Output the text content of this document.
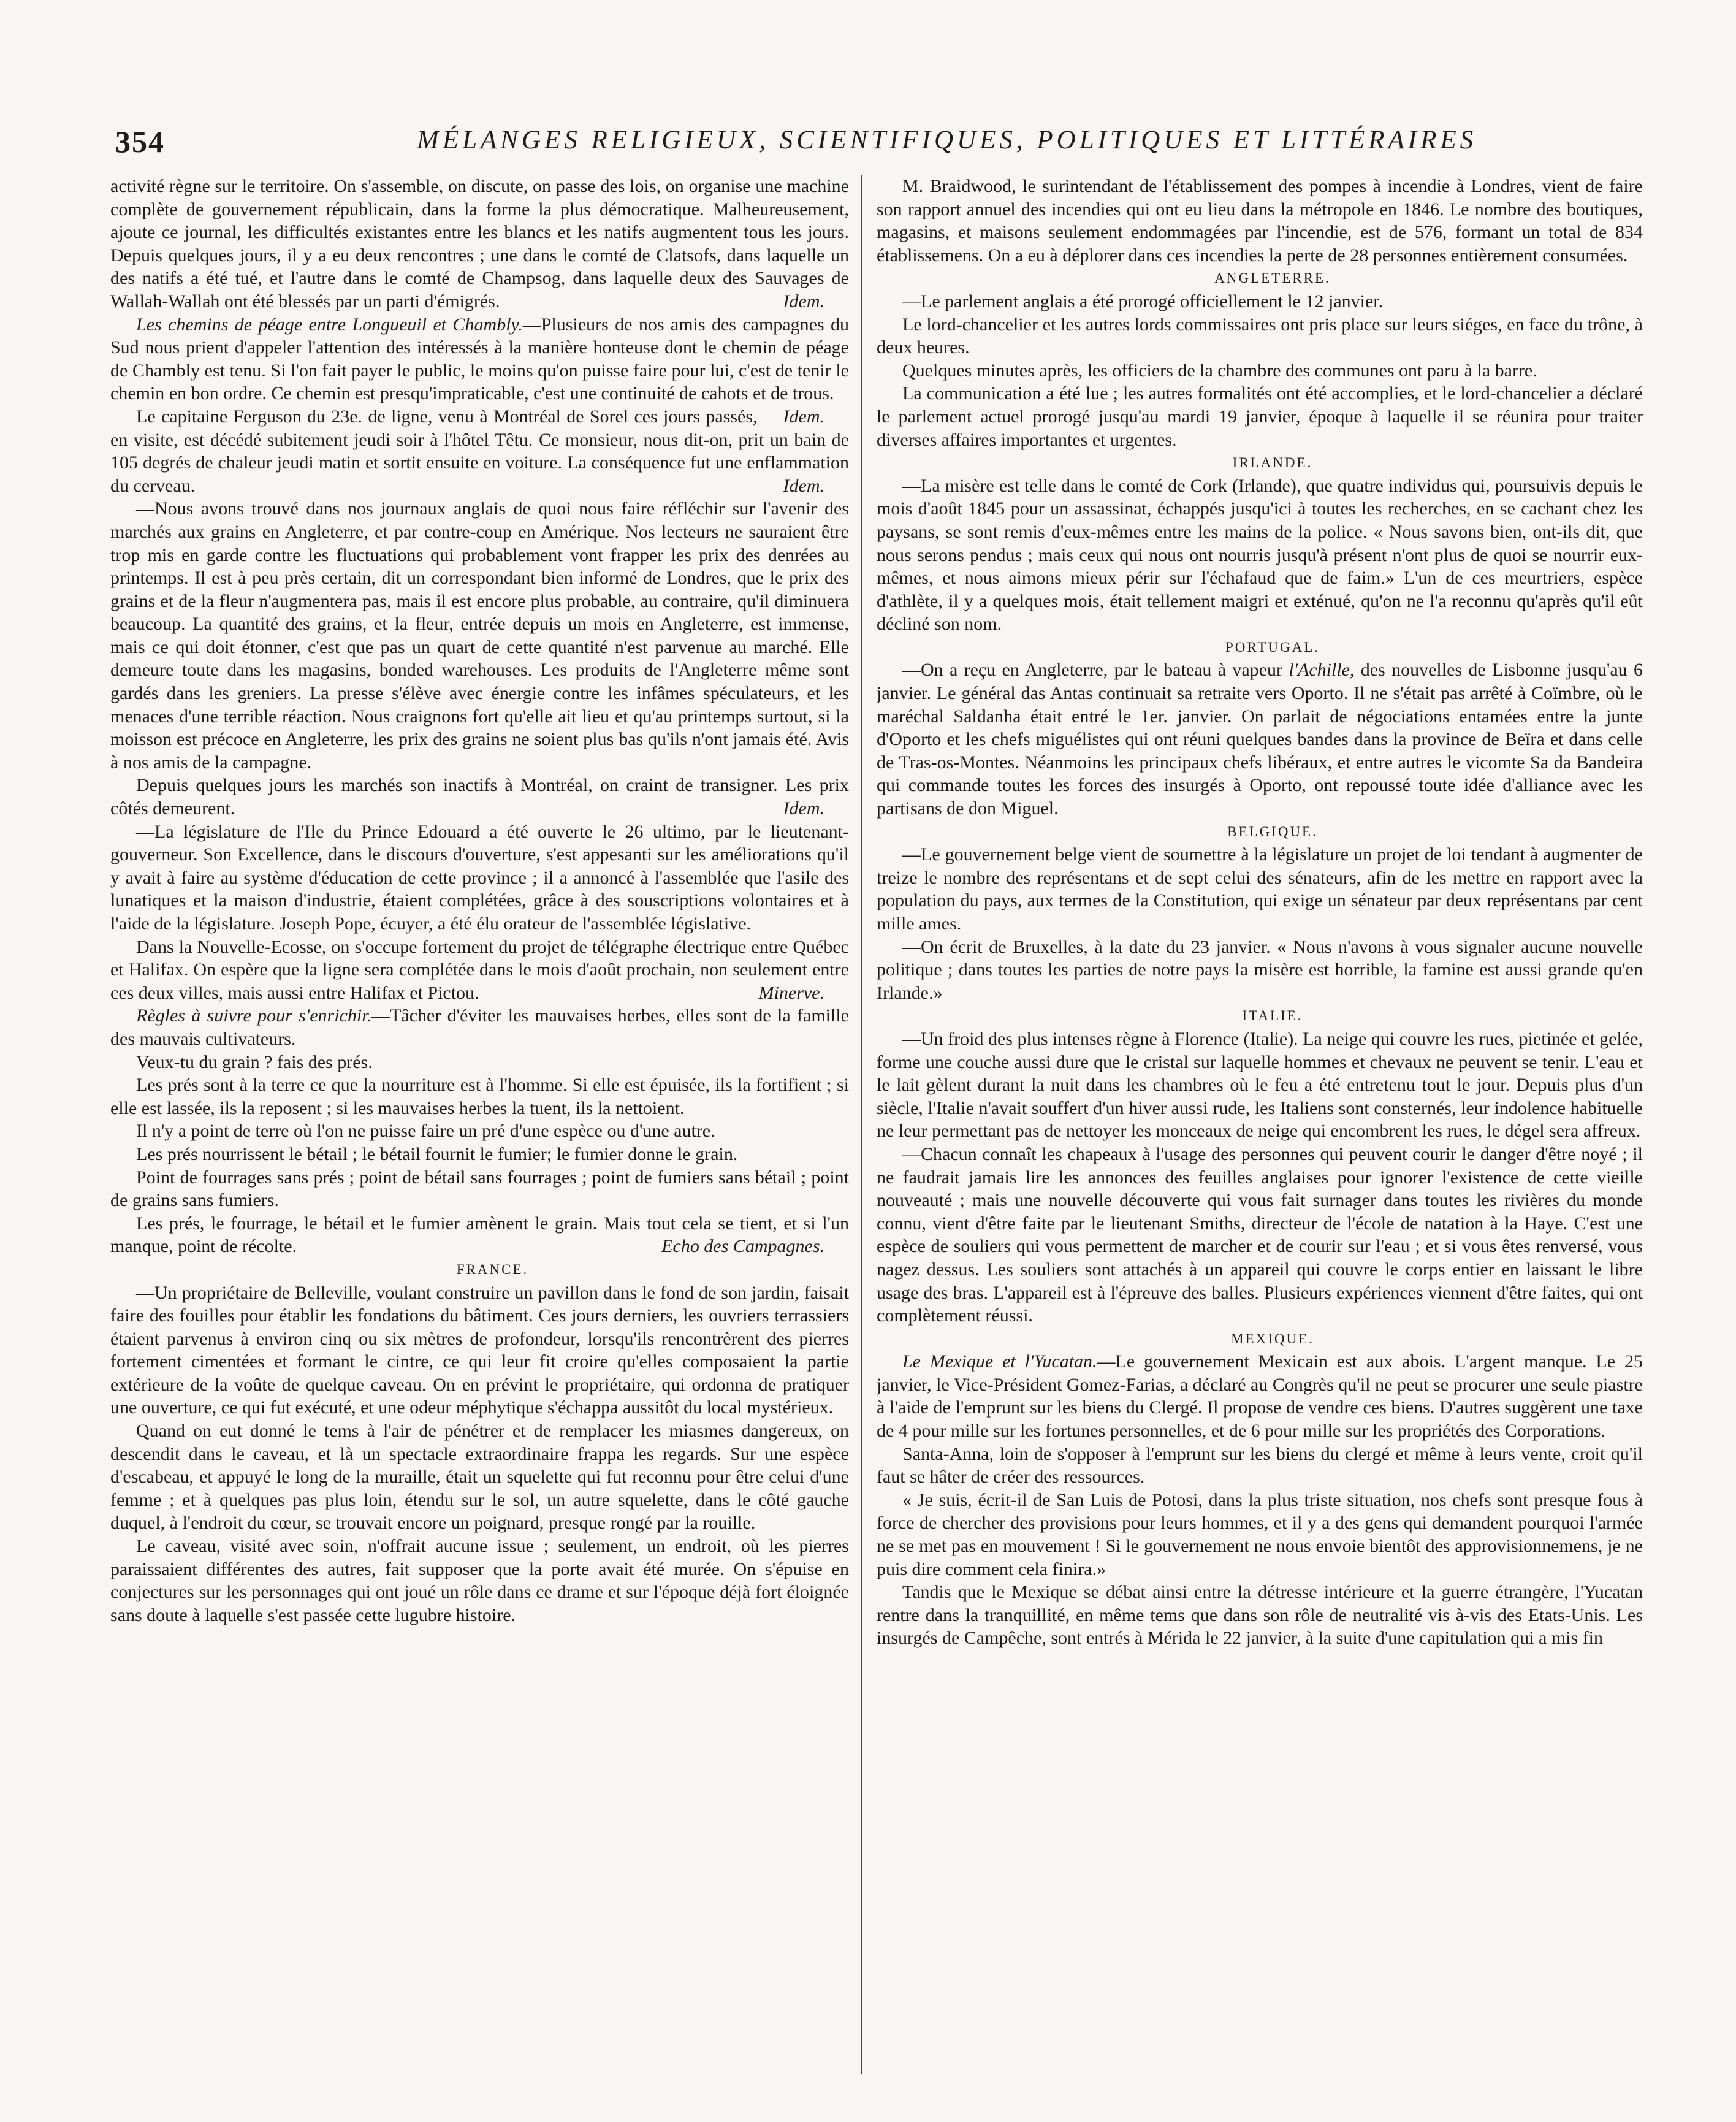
354	MÉLANGES RELIGIEUX, SCIENTIFIQUES, POLITIQUES ET LITTÉRAIRES

activité règne sur le territoire. On s'assemble, on discute, on passe des lois, on organise une machine complète de gouvernement républicain, dans la forme la plus démocratique. Malheureusement, ajoute ce journal, les difficultés existantes entre les blancs et les natifs augmentent tous les jours. Depuis quelques jours, il y a eu deux rencontres ; une dans le comté de Clatsofs, dans laquelle un des natifs a été tué, et l'autre dans le comté de Champsog, dans laquelle deux des Sauvages de Wallah-Wallah ont été blessés par un parti d'émigrés.	Idem.

Les chemins de péage entre Longueuil et Chambly.—Plusieurs de nos amis des campagnes du Sud nous prient d'appeler l'attention des intéressés à la manière honteuse dont le chemin de péage de Chambly est tenu. Si l'on fait payer le public, le moins qu'on puisse faire pour lui, c'est de tenir le chemin en bon ordre. Ce chemin est presqu'impraticable, c'est une continuité de cahots et de trous.
Idem.

Le capitaine Ferguson du 23e. de ligne, venu à Montréal de Sorel ces jours passés, en visite, est décédé subitement jeudi soir à l'hôtel Têtu. Ce monsieur, nous dit-on, prit un bain de 105 degrés de chaleur jeudi matin et sortit ensuite en voiture. La conséquence fut une enflammation du cerveau.	Idem.

—Nous avons trouvé dans nos journaux anglais de quoi nous faire réfléchir sur l'avenir des marchés aux grains en Angleterre, et par contre-coup en Amérique. Nos lecteurs ne sauraient être trop mis en garde contre les fluctuations qui probablement vont frapper les prix des denrées au printemps. Il est à peu près certain, dit un correspondant bien informé de Londres, que le prix des grains et de la fleur n'augmentera pas, mais il est encore plus probable, au contraire, qu'il diminuera beaucoup. La quantité des grains, et la fleur, entrée depuis un mois en Angleterre, est immense, mais ce qui doit étonner, c'est que pas un quart de cette quantité n'est parvenue au marché. Elle demeure toute dans les magasins, bonded warehouses. Les produits de l'Angleterre même sont gardés dans les greniers. La presse s'élève avec énergie contre les infâmes spéculateurs, et les menaces d'une terrible réaction. Nous craignons fort qu'elle ait lieu et qu'au printemps surtout, si la moisson est précoce en Angleterre, les prix des grains ne soient plus bas qu'ils n'ont jamais été. Avis à nos amis de la campagne.

Depuis quelques jours les marchés son inactifs à Montréal, on craint de transigner. Les prix côtés demeurent.	Idem.

—La législature de l'Ile du Prince Edouard a été ouverte le 26 ultimo, par le lieutenant-gouverneur. Son Excellence, dans le discours d'ouverture, s'est appesanti sur les améliorations qu'il y avait à faire au système d'éducation de cette province ; il a annoncé à l'assemblée que l'asile des lunatiques et la maison d'industrie, étaient complétées, grâce à des souscriptions volontaires et à l'aide de la législature. Joseph Pope, écuyer, a été élu orateur de l'assemblée législative.

Dans la Nouvelle-Ecosse, on s'occupe fortement du projet de télégraphe électrique entre Québec et Halifax. On espère que la ligne sera complétée dans le mois d'août prochain, non seulement entre ces deux villes, mais aussi entre Halifax et Pictou.	Minerve.

Règles à suivre pour s'enrichir.—Tâcher d'éviter les mauvaises herbes, elles sont de la famille des mauvais cultivateurs.

Veux-tu du grain ? fais des prés.

Les prés sont à la terre ce que la nourriture est à l'homme. Si elle est épuisée, ils la fortifient ; si elle est lassée, ils la reposent ; si les mauvaises herbes la tuent, ils la nettoient.

Il n'y a point de terre où l'on ne puisse faire un pré d'une espèce ou d'une autre.

Les prés nourrissent le bétail ; le bétail fournit le fumier; le fumier donne le grain.

Point de fourrages sans prés ; point de bétail sans fourrages ; point de fumiers sans bétail ; point de grains sans fumiers.

Les prés, le fourrage, le bétail et le fumier amènent le grain. Mais tout cela se tient, et si l'un manque, point de récolte.	Echo des Campagnes.

FRANCE.

—Un propriétaire de Belleville, voulant construire un pavillon dans le fond de son jardin, faisait faire des fouilles pour établir les fondations du bâtiment. Ces jours derniers, les ouvriers terrassiers étaient parvenus à environ cinq ou six mètres de profondeur, lorsqu'ils rencontrèrent des pierres fortement cimentées et formant le cintre, ce qui leur fit croire qu'elles composaient la partie extérieure de la voûte de quelque caveau. On en prévint le propriétaire, qui ordonna de pratiquer une ouverture, ce qui fut exécuté, et une odeur méphytique s'échappa aussitôt du local mystérieux.

Quand on eut donné le tems à l'air de pénétrer et de remplacer les miasmes dangereux, on descendit dans le caveau, et là un spectacle extraordinaire frappa les regards. Sur une espèce d'escabeau, et appuyé le long de la muraille, était un squelette qui fut reconnu pour être celui d'une femme ; et à quelques pas plus loin, étendu sur le sol, un autre squelette, dans le côté gauche duquel, à l'endroit du cœur, se trouvait encore un poignard, presque rongé par la rouille.

Le caveau, visité avec soin, n'offrait aucune issue ; seulement, un endroit, où les pierres paraissaient différentes des autres, fait supposer que la porte avait été murée. On s'épuise en conjectures sur les personnages qui ont joué un rôle dans ce drame et sur l'époque déjà fort éloignée sans doute à laquelle s'est passée cette lugubre histoire.

M. Braidwood, le surintendant de l'établissement des pompes à incendie à Londres, vient de faire son rapport annuel des incendies qui ont eu lieu dans la métropole en 1846. Le nombre des boutiques, magasins, et maisons seulement endommagées par l'incendie, est de 576, formant un total de 834 établissemens. On a eu à déplorer dans ces incendies la perte de 28 personnes entièrement consumées.

ANGLETERRE.

—Le parlement anglais a été prorogé officiellement le 12 janvier.

Le lord-chancelier et les autres lords commissaires ont pris place sur leurs siéges, en face du trône, à deux heures.

Quelques minutes après, les officiers de la chambre des communes ont paru à la barre.

La communication a été lue ; les autres formalités ont été accomplies, et le lord-chancelier a déclaré le parlement actuel prorogé jusqu'au mardi 19 janvier, époque à laquelle il se réunira pour traiter diverses affaires importantes et urgentes.

IRLANDE.

—La misère est telle dans le comté de Cork (Irlande), que quatre individus qui, poursuivis depuis le mois d'août 1845 pour un assassinat, échappés jusqu'ici à toutes les recherches, en se cachant chez les paysans, se sont remis d'eux-mêmes entre les mains de la police. « Nous savons bien, ont-ils dit, que nous serons pendus ; mais ceux qui nous ont nourris jusqu'à présent n'ont plus de quoi se nourrir eux-mêmes, et nous aimons mieux périr sur l'échafaud que de faim.» L'un de ces meurtriers, espèce d'athlète, il y a quelques mois, était tellement maigri et exténué, qu'on ne l'a reconnu qu'après qu'il eût décliné son nom.

PORTUGAL.

—On a reçu en Angleterre, par le bateau à vapeur l'Achille, des nouvelles de Lisbonne jusqu'au 6 janvier. Le général das Antas continuait sa retraite vers Oporto. Il ne s'était pas arrêté à Coïmbre, où le maréchal Saldanha était entré le 1er. janvier. On parlait de négociations entamées entre la junte d'Oporto et les chefs miguélistes qui ont réuni quelques bandes dans la province de Beïra et dans celle de Tras-os-Montes. Néanmoins les principaux chefs libéraux, et entre autres le vicomte Sa da Bandeira qui commande toutes les forces des insurgés à Oporto, ont repoussé toute idée d'alliance avec les partisans de don Miguel.

BELGIQUE.

—Le gouvernement belge vient de soumettre à la législature un projet de loi tendant à augmenter de treize le nombre des représentans et de sept celui des sénateurs, afin de les mettre en rapport avec la population du pays, aux termes de la Constitution, qui exige un sénateur par deux représentans par cent mille ames.

—On écrit de Bruxelles, à la date du 23 janvier. « Nous n'avons à vous signaler aucune nouvelle politique ; dans toutes les parties de notre pays la misère est horrible, la famine est aussi grande qu'en Irlande.»

ITALIE.

—Un froid des plus intenses règne à Florence (Italie). La neige qui couvre les rues, pietinée et gelée, forme une couche aussi dure que le cristal sur laquelle hommes et chevaux ne peuvent se tenir. L'eau et le lait gèlent durant la nuit dans les chambres où le feu a été entretenu tout le jour. Depuis plus d'un siècle, l'Italie n'avait souffert d'un hiver aussi rude, les Italiens sont consternés, leur indolence habituelle ne leur permettant pas de nettoyer les monceaux de neige qui encombrent les rues, le dégel sera affreux.

—Chacun connaît les chapeaux à l'usage des personnes qui peuvent courir le danger d'être noyé ; il ne faudrait jamais lire les annonces des feuilles anglaises pour ignorer l'existence de cette vieille nouveauté ; mais une nouvelle découverte qui vous fait surnager dans toutes les rivières du monde connu, vient d'être faite par le lieutenant Smiths, directeur de l'école de natation à la Haye. C'est une espèce de souliers qui vous permettent de marcher et de courir sur l'eau ; et si vous êtes renversé, vous nagez dessus. Les souliers sont attachés à un appareil qui couvre le corps entier en laissant le libre usage des bras. L'appareil est à l'épreuve des balles. Plusieurs expériences viennent d'être faites, qui ont complètement réussi.

MEXIQUE.

Le Mexique et l'Yucatan.—Le gouvernement Mexicain est aux abois. L'argent manque. Le 25 janvier, le Vice-Président Gomez-Farias, a déclaré au Congrès qu'il ne peut se procurer une seule piastre à l'aide de l'emprunt sur les biens du Clergé. Il propose de vendre ces biens. D'autres suggèrent une taxe de 4 pour mille sur les fortunes personnelles, et de 6 pour mille sur les propriétés des Corporations.

Santa-Anna, loin de s'opposer à l'emprunt sur les biens du clergé et même à leurs vente, croit qu'il faut se hâter de créer des ressources.

« Je suis, écrit-il de San Luis de Potosi, dans la plus triste situation, nos chefs sont presque fous à force de chercher des provisions pour leurs hommes, et il y a des gens qui demandent pourquoi l'armée ne se met pas en mouvement ! Si le gouvernement ne nous envoie bientôt des approvisionnemens, je ne puis dire comment cela finira.»

Tandis que le Mexique se débat ainsi entre la détresse intérieure et la guerre étrangère, l'Yucatan rentre dans la tranquillité, en même tems que dans son rôle de neutralité vis à-vis des Etats-Unis. Les insurgés de Campêche, sont entrés à Mérida le 22 janvier, à la suite d'une capitulation qui a mis fin
